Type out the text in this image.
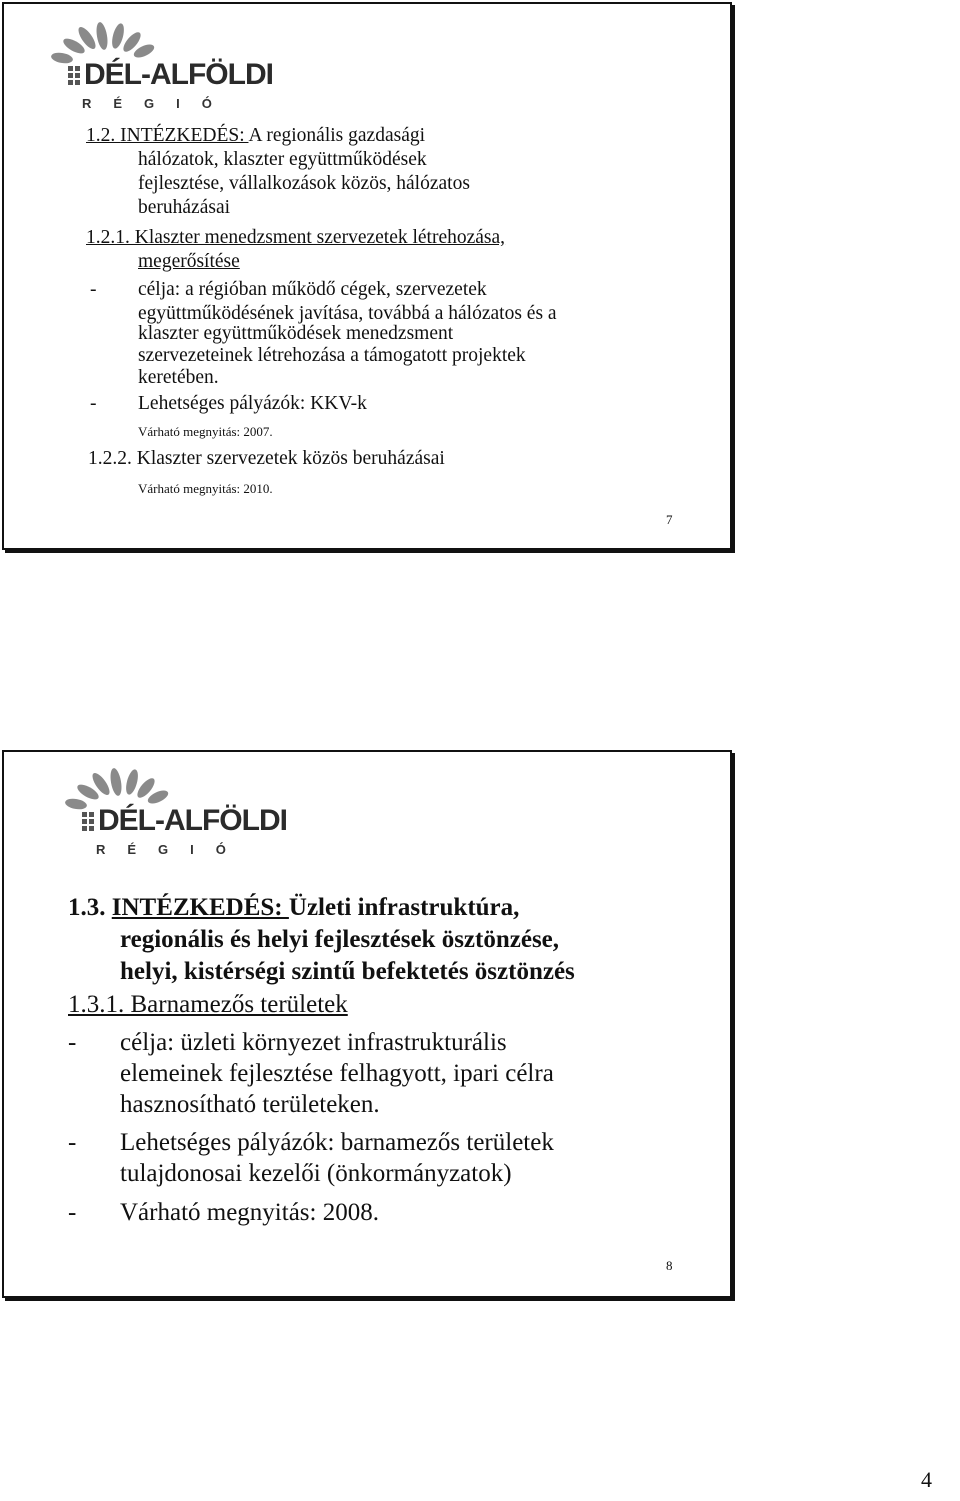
DÉL-ALFÖLDI
RÉGIÓ
1.2. INTÉZKEDÉS: A regionális gazdasági
hálózatok, klaszter együttműködések
fejlesztése, vállalkozások közös, hálózatos
beruházásai
1.2.1. Klaszter menedzsment szervezetek létrehozása,
megerősítése
- célja: a régióban működő cégek, szervezetek
együttműködésének javítása, továbbá a hálózatos és a
klaszter együttműködések menedzsment
szervezeteinek létrehozása a támogatott projektek
keretében.
- Lehetséges pályázók: KKV-k
Várható megnyitás: 2007.
1.2.2. Klaszter szervezetek közös beruházásai
Várható megnyitás: 2010.
7
DÉL-ALFÖLDI
RÉGIÓ
1.3. INTÉZKEDÉS: Üzleti infrastruktúra,
regionális és helyi fejlesztések ösztönzése,
helyi, kistérségi szintű befektetés ösztönzés
1.3.1. Barnamezős területek
- célja: üzleti környezet infrastrukturális
elemeinek fejlesztése felhagyott, ipari célra
hasznosítható területeken.
- Lehetséges pályázók: barnamezős területek
tulajdonosai kezelői (önkormányzatok)
- Várható megnyitás: 2008.
8
4
